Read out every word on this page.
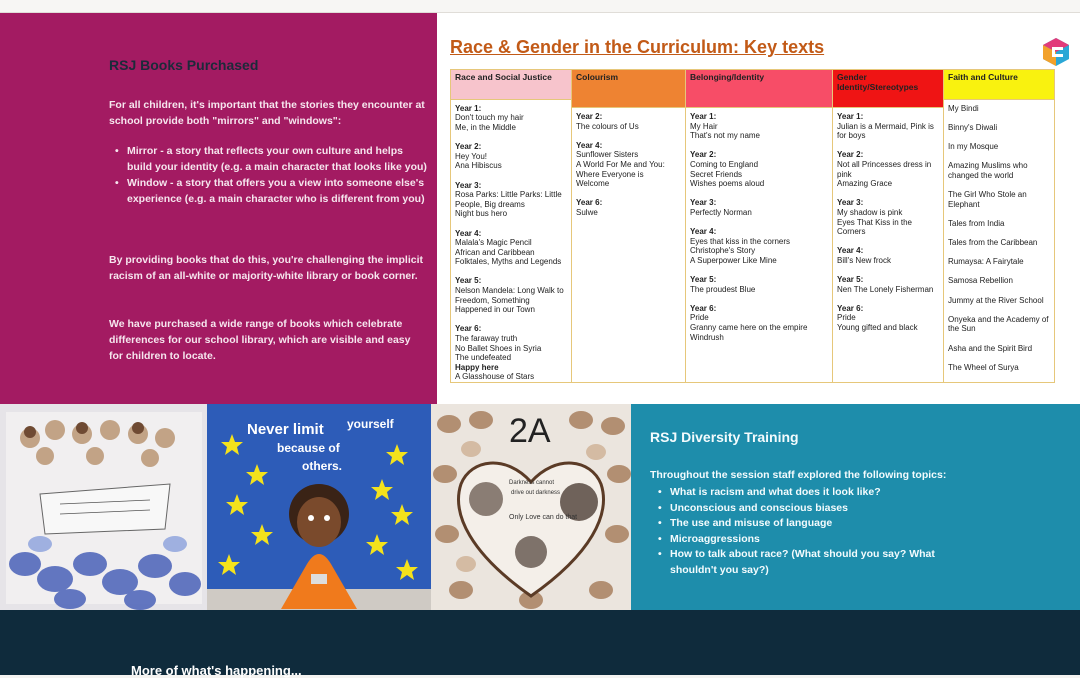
RSJ Books Purchased

For all children, it's important that the stories they encounter at school provide both "mirrors" and "windows":

• Mirror - a story that reflects your own culture and helps build your identity (e.g. a main character that looks like you)
• Window - a story that offers you a view into someone else's experience (e.g. a main character who is different from you)

By providing books that do this, you're challenging the implicit racism of an all-white or majority-white library or book corner.

We have purchased a wide range of books which celebrate differences for our school library, which are visible and easy for children to locate.

Race & Gender in the Curriculum: Key texts
Race and Social Justice
Year 1:
Don't touch my hair
Me, in the Middle
Year 2:
Hey You!
Ana Hibiscus
Year 3:
Rosa Parks: Little Parks: Little
People, Big dreams
Night bus hero
Year 4:
Malala's Magic Pencil
African and Caribbean
Folktales, Myths and Legends
Year 5:
Nelson Mandela: Long Walk to
Freedom, Something
Happened in our Town
Year 6:
The faraway truth
No Ballet Shoes in Syria
The undefeated
Happy here
A Glasshouse of Stars
Colourism
Year 2:
The colours of Us
Year 4:
Sunflower Sisters
A World For Me and You:
Where Everyone is
Welcome
Year 6:
Sulwe
Belonging/Identity
Year 1:
My Hair
That's not my name
Year 2:
Coming to England
Secret Friends
Wishes poems aloud
Year 3:
Perfectly Norman
Year 4:
Eyes that kiss in the corners
Christophe's Story
A Superpower Like Mine
Year 5:
The proudest Blue
Year 6:
Pride
Granny came here on the empire
Windrush
Gender Identity/Stereotypes
Year 1:
Julian is a Mermaid, Pink is
for boys
Year 2:
Not all Princesses dress in
pink
Amazing Grace
Year 3:
My shadow is pink
Eyes That Kiss in the
Corners
Year 4:
Bill's New frock
Year 5:
Nen The Lonely Fisherman
Year 6:
Pride
Young gifted and black
Faith and Culture
My Bindi
Binny's Diwali
In my Mosque
Amazing Muslims who changed the world
The Girl Who Stole an Elephant
Tales from India
Tales from the Caribbean
Rumaysa: A Fairytale
Samosa Rebellion
Jummy at the River School
Onyeka and the Academy of the Sun
Asha and the Spirit Bird
The Wheel of Surya
Never limit yourself
because of
others.
2A
Darkness cannot
drive out darkness
Only Love can do that
RSJ Diversity Training

Throughout the session staff explored the following topics:

• What is racism and what does it look like?
• Unconscious and conscious biases
• The use and misuse of language
• Microaggressions
• How to talk about race? (What should you say? What shouldn't you say?)
More of what's happening...
